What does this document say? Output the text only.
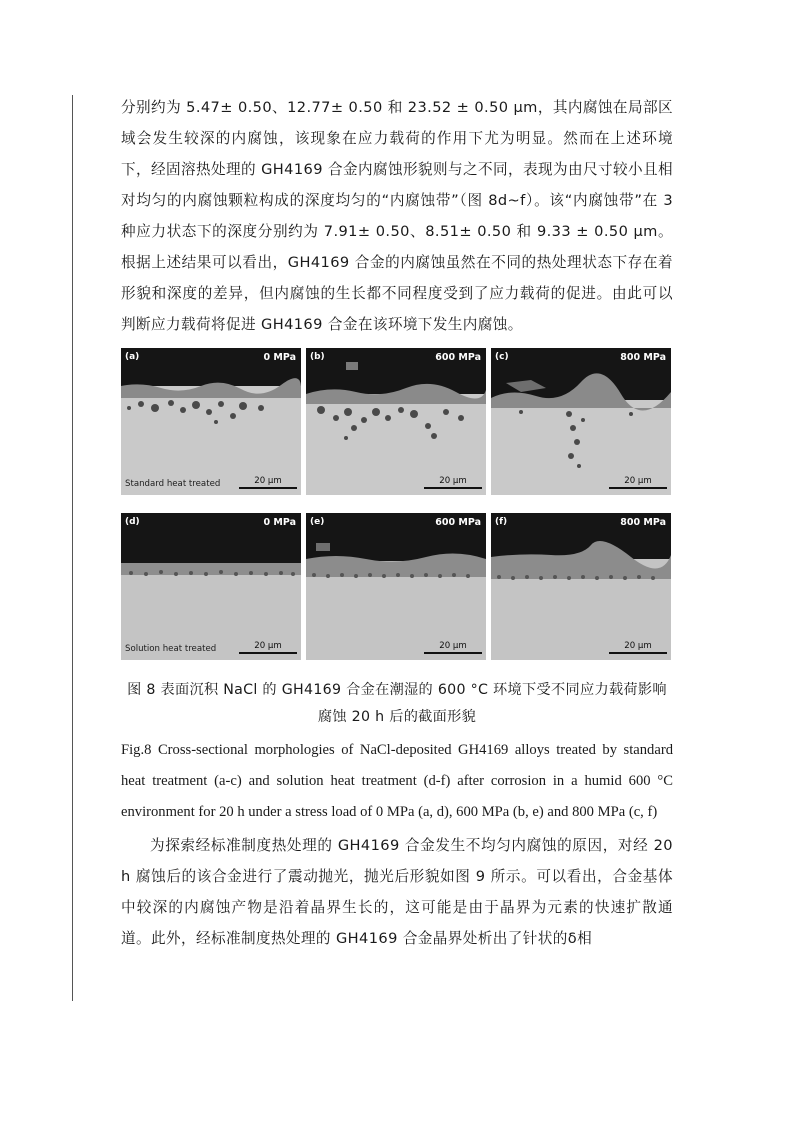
分别约为 5.47± 0.50、12.77± 0.50 和 23.52 ± 0.50 μm，其内腐蚀在局部区域会发生较深的内腐蚀，该现象在应力载荷的作用下尤为明显。然而在上述环境下，经固溶热处理的 GH4169 合金内腐蚀形貌则与之不同，表现为由尺寸较小且相对均匀的内腐蚀颗粒构成的深度均匀的“内腐蚀带”（图 8d~f）。该“内腐蚀带”在 3 种应力状态下的深度分别约为 7.91± 0.50、8.51± 0.50 和 9.33 ± 0.50 μm。根据上述结果可以看出，GH4169 合金的内腐蚀虽然在不同的热处理状态下存在着形貌和深度的差异，但内腐蚀的生长都不同程度受到了应力载荷的促进。由此可以判断应力载荷将促进 GH4169 合金在该环境下发生内腐蚀。

(a)	0 MPa
Standard heat treated	20 μm
(b)	600 MPa
20 μm
(c)	800 MPa
20 μm
(d)	0 MPa
Solution heat treated	20 μm
(e)	600 MPa
20 μm
(f)	800 MPa
20 μm

图 8 表面沉积 NaCl 的 GH4169 合金在潮湿的 600 °C 环境下受不同应力载荷影响腐蚀 20 h 后的截面形貌

Fig.8 Cross-sectional morphologies of NaCl-deposited GH4169 alloys treated by standard heat treatment (a-c) and solution heat treatment (d-f) after corrosion in a humid 600 °C environment for 20 h under a stress load of 0 MPa (a, d), 600 MPa (b, e) and 800 MPa (c, f)

为探索经标准制度热处理的 GH4169 合金发生不均匀内腐蚀的原因，对经 20 h 腐蚀后的该合金进行了震动抛光，抛光后形貌如图 9 所示。可以看出，合金基体中较深的内腐蚀产物是沿着晶界生长的，这可能是由于晶界为元素的快速扩散通道。此外，经标准制度热处理的 GH4169 合金晶界处析出了针状的δ相
